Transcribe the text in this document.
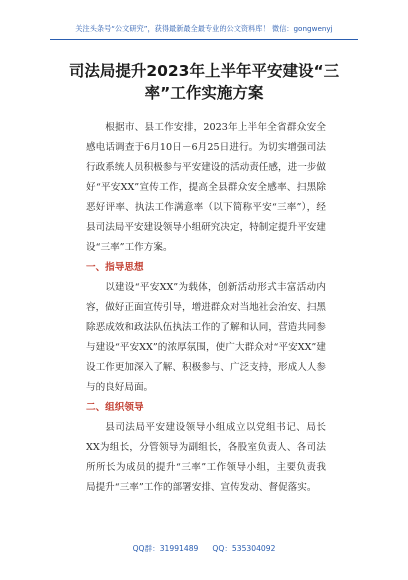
关注头条号“公文研究”，获得最新最全最专业的公文资料库！ 微信：gongwenyj
司法局提升2023年上半年平安建设“三
率”工作实施方案

根据市、县工作安排，2023年上半年全省群众安全感电话调查于6月10日－6月25日进行。为切实增强司法行政系统人员积极参与平安建设的活动责任感，进一步做好“平安XX”宣传工作，提高全县群众安全感率、扫黑除恶好评率、执法工作满意率（以下简称平安“三率”），经县司法局平安建设领导小组研究决定，特制定提升平安建设“三率”工作方案。

一、指导思想

以建设“平安XX”为载体，创新活动形式丰富活动内容，做好正面宣传引导，增进群众对当地社会治安、扫黑除恶成效和政法队伍执法工作的了解和认同，营造共同参与建设“平安XX”的浓厚氛围，使广大群众对“平安XX”建设工作更加深入了解、积极参与、广泛支持，形成人人参与的良好局面。

二、组织领导

县司法局平安建设领导小组成立以党组书记、局长XX为组长，分管领导为副组长，各股室负责人、各司法所所长为成员的提升“三率”工作领导小组，主要负责我局提升“三率”工作的部署安排、宣传发动、督促落实。

QQ群：31991489 QQ：535304092
